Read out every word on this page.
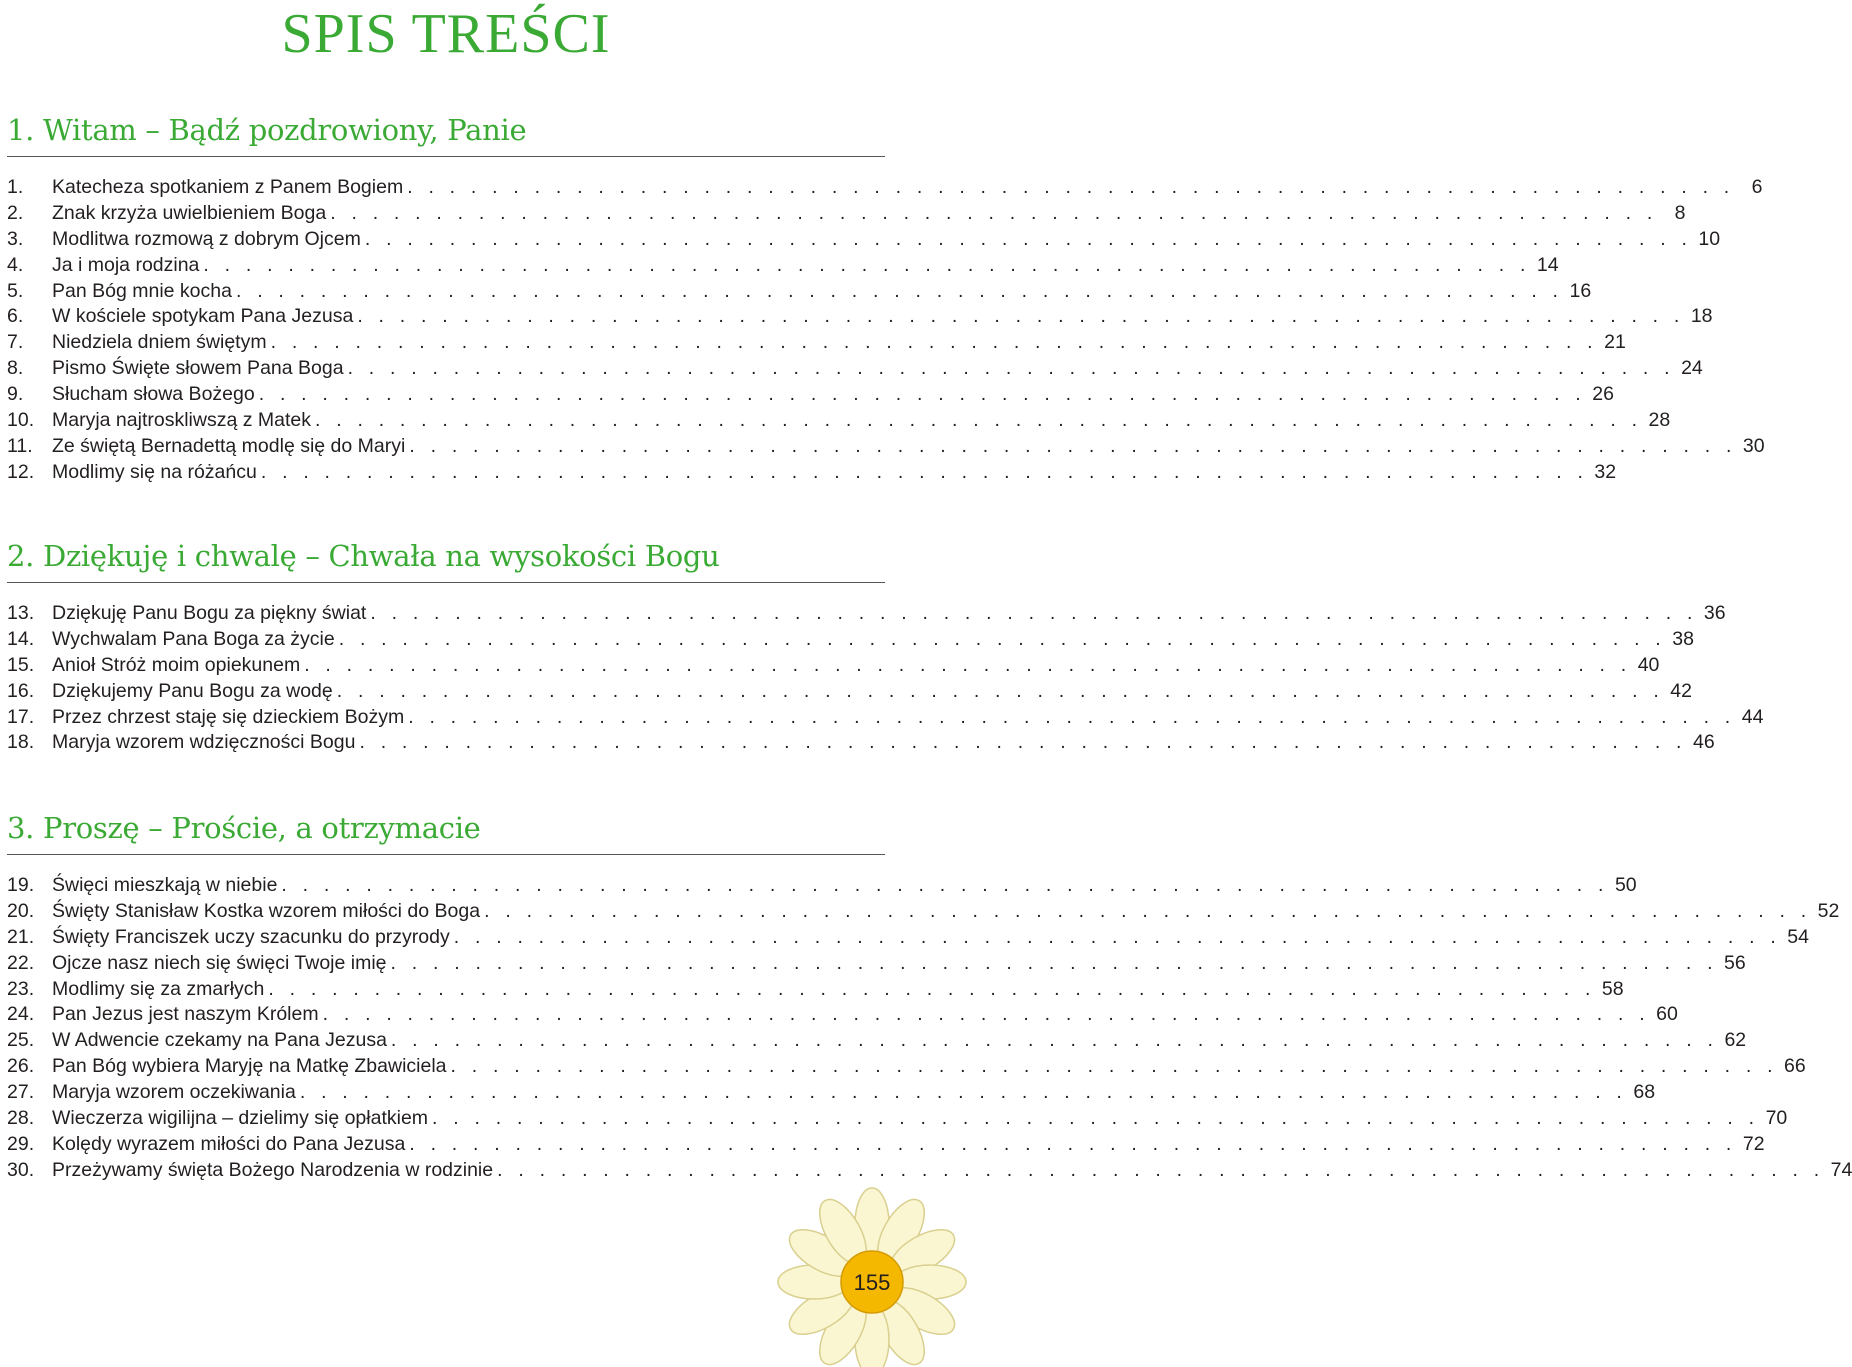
SPIS TREŚCI
1. Witam – Bądź pozdrowiony, Panie
1.	Katecheza spotkaniem z Panem Bogiem . . . . . . . . . . . . . . . . . . . . . . . . . . . . . . . . . . . . . . . . . . . . . . . . . . . . . . . . . . . . . . . 6
2.	Znak krzyża uwielbieniem Boga . . . . . . . . . . . . . . . . . . . . . . . . . . . . . . . . . . . . . . . . . . . . . . . . . . . . . . . . . . . . . . . 8
3.	Modlitwa rozmową z dobrym Ojcem . . . . . . . . . . . . . . . . . . . . . . . . . . . . . . . . . . . . . . . . . . . . . . . . . . . . . . . . . . . . . . . 10
4.	Ja i moja rodzina . . . . . . . . . . . . . . . . . . . . . . . . . . . . . . . . . . . . . . . . . . . . . . . . . . . . . . . . . . . . . . . 14
5.	Pan Bóg mnie kocha . . . . . . . . . . . . . . . . . . . . . . . . . . . . . . . . . . . . . . . . . . . . . . . . . . . . . . . . . . . . . . . 16
6.	W kościele spotykam Pana Jezusa . . . . . . . . . . . . . . . . . . . . . . . . . . . . . . . . . . . . . . . . . . . . . . . . . . . . . . . . . . . . . . . 18
7.	Niedziela dniem świętym . . . . . . . . . . . . . . . . . . . . . . . . . . . . . . . . . . . . . . . . . . . . . . . . . . . . . . . . . . . . . . . 21
8.	Pismo Święte słowem Pana Boga . . . . . . . . . . . . . . . . . . . . . . . . . . . . . . . . . . . . . . . . . . . . . . . . . . . . . . . . . . . . . . . 24
9.	Słucham słowa Bożego . . . . . . . . . . . . . . . . . . . . . . . . . . . . . . . . . . . . . . . . . . . . . . . . . . . . . . . . . . . . . . . 26
10. Maryja najtroskliwszą z Matek . . . . . . . . . . . . . . . . . . . . . . . . . . . . . . . . . . . . . . . . . . . . . . . . . . . . . . . . . . . . . . . 28
11. Ze świętą Bernadettą modlę się do Maryi . . . . . . . . . . . . . . . . . . . . . . . . . . . . . . . . . . . . . . . . . . . . . . . . . . . . . . . . . . . . . . . 30
12. Modlimy się na różańcu . . . . . . . . . . . . . . . . . . . . . . . . . . . . . . . . . . . . . . . . . . . . . . . . . . . . . . . . . . . . . . . 32
2. Dziękuję i chwalę – Chwała na wysokości Bogu
13. Dziękuję Panu Bogu za piękny świat . . . . . . . . . . . . . . . . . . . . . . . . . . . . . . . . . . . . . . . . . . . . . . . . . . . . . . . . . . . . . . . 36
14. Wychwalam Pana Boga za życie . . . . . . . . . . . . . . . . . . . . . . . . . . . . . . . . . . . . . . . . . . . . . . . . . . . . . . . . . . . . . . . 38
15. Anioł Stróż moim opiekunem . . . . . . . . . . . . . . . . . . . . . . . . . . . . . . . . . . . . . . . . . . . . . . . . . . . . . . . . . . . . . . . 40
16. Dziękujemy Panu Bogu za wodę . . . . . . . . . . . . . . . . . . . . . . . . . . . . . . . . . . . . . . . . . . . . . . . . . . . . . . . . . . . . . . . 42
17. Przez chrzest staję się dzieckiem Bożym . . . . . . . . . . . . . . . . . . . . . . . . . . . . . . . . . . . . . . . . . . . . . . . . . . . . . . . . . . . . . . . 44
18. Maryja wzorem wdzięczności Bogu . . . . . . . . . . . . . . . . . . . . . . . . . . . . . . . . . . . . . . . . . . . . . . . . . . . . . . . . . . . . . . . 46
3. Proszę – Proście, a otrzymacie
19. Święci mieszkają w niebie . . . . . . . . . . . . . . . . . . . . . . . . . . . . . . . . . . . . . . . . . . . . . . . . . . . . . . . . . . . . . . . 50
20. Święty Stanisław Kostka wzorem miłości do Boga . . . . . . . . . . . . . . . . . . . . . . . . . . . . . . . . . . . . . . . . . . . . . . . . . . . . . . . . . . . . . . . 52
21. Święty Franciszek uczy szacunku do przyrody . . . . . . . . . . . . . . . . . . . . . . . . . . . . . . . . . . . . . . . . . . . . . . . . . . . . . . . . . . . . . . . 54
22. Ojcze nasz niech się święci Twoje imię . . . . . . . . . . . . . . . . . . . . . . . . . . . . . . . . . . . . . . . . . . . . . . . . . . . . . . . . . . . . . . . 56
23. Modlimy się za zmarłych . . . . . . . . . . . . . . . . . . . . . . . . . . . . . . . . . . . . . . . . . . . . . . . . . . . . . . . . . . . . . . . 58
24. Pan Jezus jest naszym Królem . . . . . . . . . . . . . . . . . . . . . . . . . . . . . . . . . . . . . . . . . . . . . . . . . . . . . . . . . . . . . . . 60
25. W Adwencie czekamy na Pana Jezusa . . . . . . . . . . . . . . . . . . . . . . . . . . . . . . . . . . . . . . . . . . . . . . . . . . . . . . . . . . . . . . . 62
26. Pan Bóg wybiera Maryję na Matkę Zbawiciela . . . . . . . . . . . . . . . . . . . . . . . . . . . . . . . . . . . . . . . . . . . . . . . . . . . . . . . . . . . . . . . 66
27. Maryja wzorem oczekiwania . . . . . . . . . . . . . . . . . . . . . . . . . . . . . . . . . . . . . . . . . . . . . . . . . . . . . . . . . . . . . . . 68
28. Wieczerza wigilijna – dzielimy się opłatkiem . . . . . . . . . . . . . . . . . . . . . . . . . . . . . . . . . . . . . . . . . . . . . . . . . . . . . . . . . . . . . . . 70
29. Kolędy wyrazem miłości do Pana Jezusa . . . . . . . . . . . . . . . . . . . . . . . . . . . . . . . . . . . . . . . . . . . . . . . . . . . . . . . . . . . . . . . 72
30. Przeżywamy święta Bożego Narodzenia w rodzinie . . . . . . . . . . . . . . . . . . . . . . . . . . . . . . . . . . . . . . . . . . . . . . . . . . . . . . . . . . . . . . . 74
155
